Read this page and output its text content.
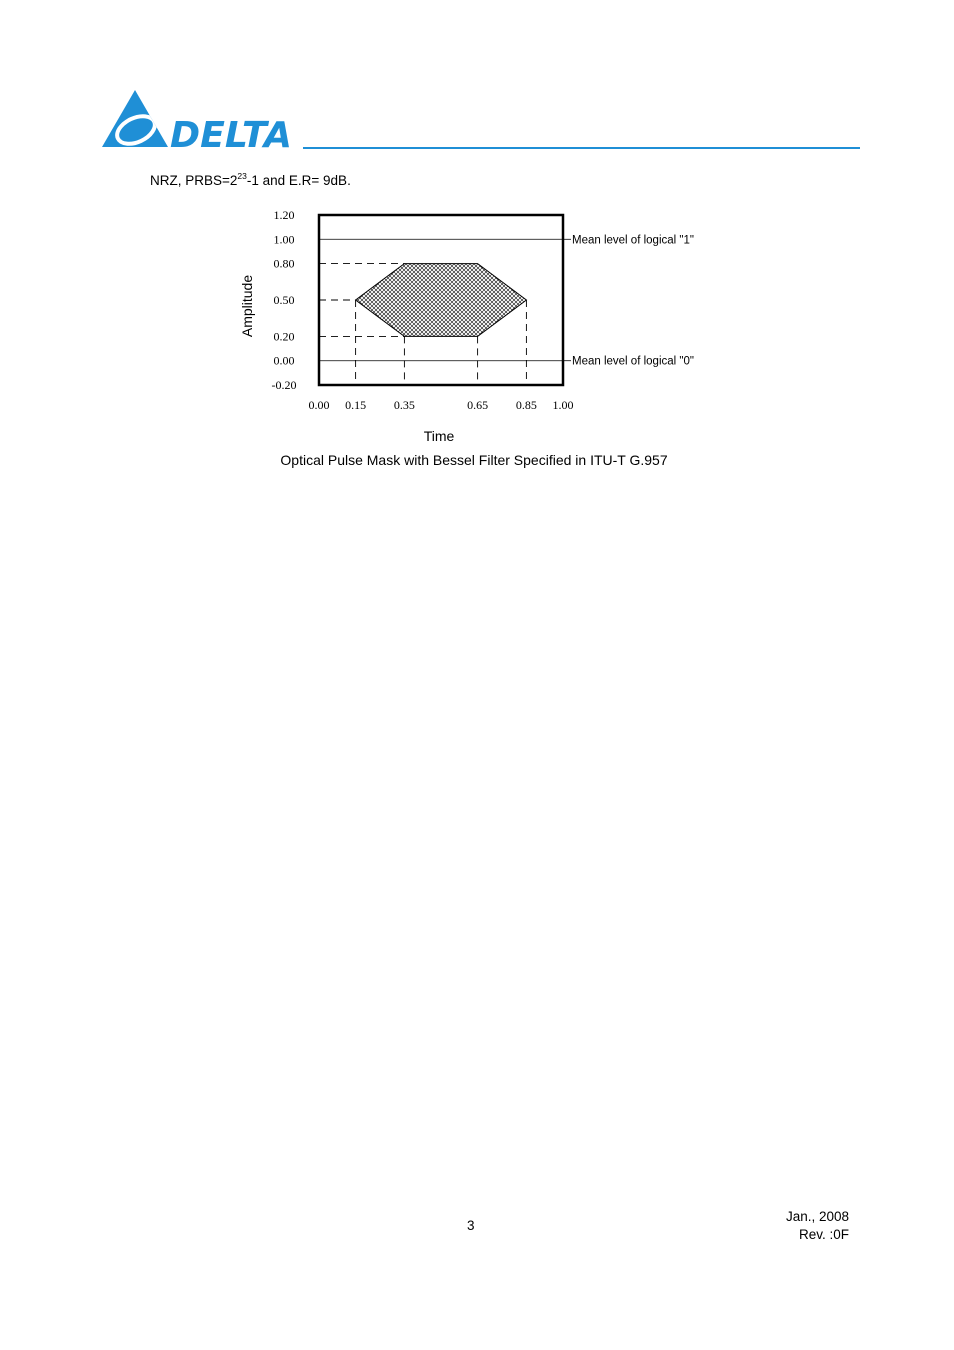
DELTA
NRZ, $PRBS=2^{23}-1$ and E.R= 9dB.
1.20
1.00
0.80
0.50
0.20
0.00
-0.20
0.00 0.15 0.35	0.65 0.85 1.00
Mean level of logical "1"
Mean level of logical "0"
Amplitude
Time
Optical Pulse Mask with Bessel Filter Specified in ITU-T G.957
3
Jan., 2008
Rev. :0F
